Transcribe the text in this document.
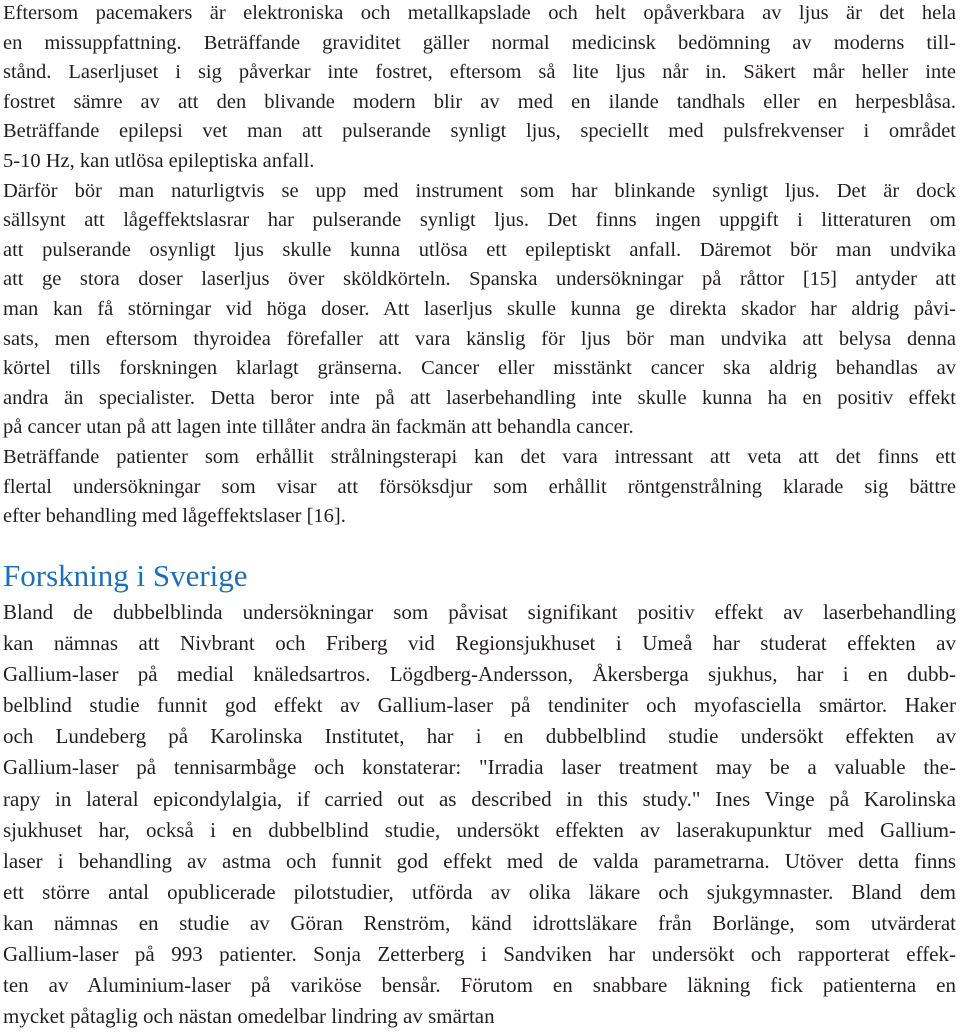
Eftersom pacemakers är elektroniska och metallkapslade och helt opåverkbara av ljus är det hela
en missuppfattning. Beträffande graviditet gäller normal medicinsk bedömning av moderns till-
stånd. Laserljuset i sig påverkar inte fostret, eftersom så lite ljus når in. Säkert mår heller inte
fostret sämre av att den blivande modern blir av med en ilande tandhals eller en herpesblåsa.
Beträffande epilepsi vet man att pulserande synligt ljus, speciellt med pulsfrekvenser i området
5-10 Hz, kan utlösa epileptiska anfall.
Därför bör man naturligtvis se upp med instrument som har blinkande synligt ljus. Det är dock
sällsynt att lågeffektslasrar har pulserande synligt ljus. Det finns ingen uppgift i litteraturen om
att pulserande osynligt ljus skulle kunna utlösa ett epileptiskt anfall. Däremot bör man undvika
att ge stora doser laserljus över sköldkörteln. Spanska undersökningar på råttor [15] antyder att
man kan få störningar vid höga doser. Att laserljus skulle kunna ge direkta skador har aldrig påvi-
sats, men eftersom thyroidea förefaller att vara känslig för ljus bör man undvika att belysa denna
körtel tills forskningen klarlagt gränserna. Cancer eller misstänkt cancer ska aldrig behandlas av
andra än specialister. Detta beror inte på att laserbehandling inte skulle kunna ha en positiv effekt
på cancer utan på att lagen inte tillåter andra än fackmän att behandla cancer.
Beträffande patienter som erhållit strålningsterapi kan det vara intressant att veta att det finns ett
flertal undersökningar som visar att försöksdjur som erhållit röntgenstrålning klarade sig bättre
efter behandling med lågeffektslaser [16].
Forskning i Sverige
Bland de dubbelblinda undersökningar som påvisat signifikant positiv effekt av laserbehandling
kan nämnas att Nivbrant och Friberg vid Regionsjukhuset i Umeå har studerat effekten av
Gallium-laser på medial knäledsartros. Lögdberg-Andersson, Åkersberga sjukhus, har i en dubb-
belblind studie funnit god effekt av Gallium-laser på tendiniter och myofasciella smärtor. Haker
och Lundeberg på Karolinska Institutet, har i en dubbelblind studie undersökt effekten av
Gallium-laser på tennisarmbåge och konstaterar: "Irradia laser treatment may be a valuable the-
rapy in lateral epicondylalgia, if carried out as described in this study." Ines Vinge på Karolinska
sjukhuset har, också i en dubbelblind studie, undersökt effekten av laserakupunktur med Gallium-
laser i behandling av astma och funnit god effekt med de valda parametrarna. Utöver detta finns
ett större antal opublicerade pilotstudier, utförda av olika läkare och sjukgymnaster. Bland dem
kan nämnas en studie av Göran Renström, känd idrottsläkare från Borlänge, som utvärderat
Gallium-laser på 993 patienter. Sonja Zetterberg i Sandviken har undersökt och rapporterat effek-
ten av Aluminium-laser på variköse bensår. Förutom en snabbare läkning fick patienterna en
mycket påtaglig och nästan omedelbar lindring av smärtan
